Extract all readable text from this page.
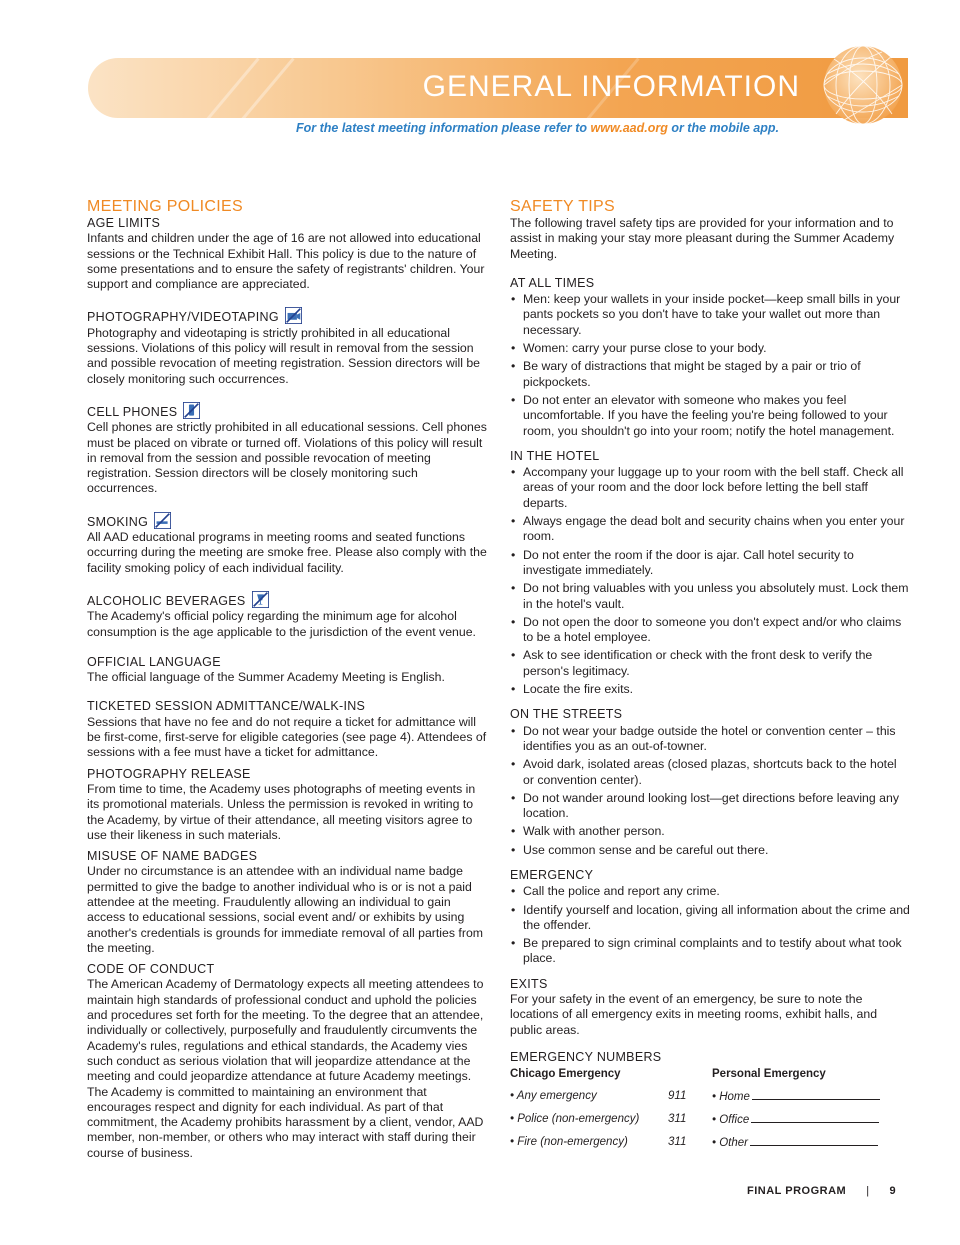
GENERAL INFORMATION
For the latest meeting information please refer to www.aad.org or the mobile app.
MEETING POLICIES
AGE LIMITS

Infants and children under the age of 16 are not allowed into educational sessions or the Technical Exhibit Hall. This policy is due to the nature of some presentations and to ensure the safety of registrants' children. Your support and compliance are appreciated.

PHOTOGRAPHY/VIDEOTAPING

Photography and videotaping is strictly prohibited in all educational sessions. Violations of this policy will result in removal from the session and possible revocation of meeting registration. Session directors will be closely monitoring such occurrences.

CELL PHONES

Cell phones are strictly prohibited in all educational sessions. Cell phones must be placed on vibrate or turned off. Violations of this policy will result in removal from the session and possible revocation of meeting registration. Session directors will be closely monitoring such occurrences.

SMOKING

All AAD educational programs in meeting rooms and seated functions occurring during the meeting are smoke free. Please also comply with the facility smoking policy of each individual facility.

ALCOHOLIC BEVERAGES

The Academy's official policy regarding the minimum age for alcohol consumption is the age applicable to the jurisdiction of the event venue.

OFFICIAL LANGUAGE

The official language of the Summer Academy Meeting is English.

TICKETED SESSION ADMITTANCE/WALK-INS

Sessions that have no fee and do not require a ticket for admittance will be first-come, first-serve for eligible categories (see page 4). Attendees of sessions with a fee must have a ticket for admittance.

PHOTOGRAPHY RELEASE

From time to time, the Academy uses photographs of meeting events in its promotional materials. Unless the permission is revoked in writing to the Academy, by virtue of their attendance, all meeting visitors agree to use their likeness in such materials.

MISUSE OF NAME BADGES

Under no circumstance is an attendee with an individual name badge permitted to give the badge to another individual who is or is not a paid attendee at the meeting. Fraudulently allowing an individual to gain access to educational sessions, social event and/ or exhibits by using another's credentials is grounds for immediate removal of all parties from the meeting.

CODE OF CONDUCT

The American Academy of Dermatology expects all meeting attendees to maintain high standards of professional conduct and uphold the policies and procedures set forth for the meeting. To the degree that an attendee, individually or collectively, purposefully and fraudulently circumvents the Academy's rules, regulations and ethical standards, the Academy vies such conduct as serious violation that will jeopardize attendance at the meeting and could jeopardize attendance at future Academy meetings. The Academy is committed to maintaining an environment that encourages respect and dignity for each individual. As part of that commitment, the Academy prohibits harassment by a client, vendor, AAD member, non-member, or others who may interact with staff during their course of business.

SAFETY TIPS

The following travel safety tips are provided for your information and to assist in making your stay more pleasant during the Summer Academy Meeting.

AT ALL TIMES
• Men: keep your wallets in your inside pocket—keep small bills in your pants pockets so you don't have to take your wallet out more than necessary.
• Women: carry your purse close to your body.
• Be wary of distractions that might be staged by a pair or trio of pickpockets.
• Do not enter an elevator with someone who makes you feel uncomfortable. If you have the feeling you're being followed to your room, you shouldn't go into your room; notify the hotel management.
IN THE HOTEL
• Accompany your luggage up to your room with the bell staff. Check all areas of your room and the door lock before letting the bell staff departs.
• Always engage the dead bolt and security chains when you enter your room.
• Do not enter the room if the door is ajar. Call hotel security to investigate immediately.
• Do not bring valuables with you unless you absolutely must. Lock them in the hotel's vault.
• Do not open the door to someone you don't expect and/or who claims to be a hotel employee.
• Ask to see identification or check with the front desk to verify the person's legitimacy.
• Locate the fire exits.
ON THE STREETS
• Do not wear your badge outside the hotel or convention center – this identifies you as an out-of-towner.
• Avoid dark, isolated areas (closed plazas, shortcuts back to the hotel or convention center).
• Do not wander around looking lost—get directions before leaving any location.
• Walk with another person.
• Use common sense and be careful out there.
EMERGENCY
• Call the police and report any crime.
• Identify yourself and location, giving all information about the crime and the offender.
• Be prepared to sign criminal complaints and to testify about what took place.
EXITS

For your safety in the event of an emergency, be sure to note the locations of all emergency exits in meeting rooms, exhibit halls, and public areas.

EMERGENCY NUMBERS
Chicago Emergency	Personal Emergency
• Any emergency	911	• Home
• Police (non-emergency)	311	• Office
• Fire (non-emergency)	311	• Other
FINAL PROGRAM | 9
